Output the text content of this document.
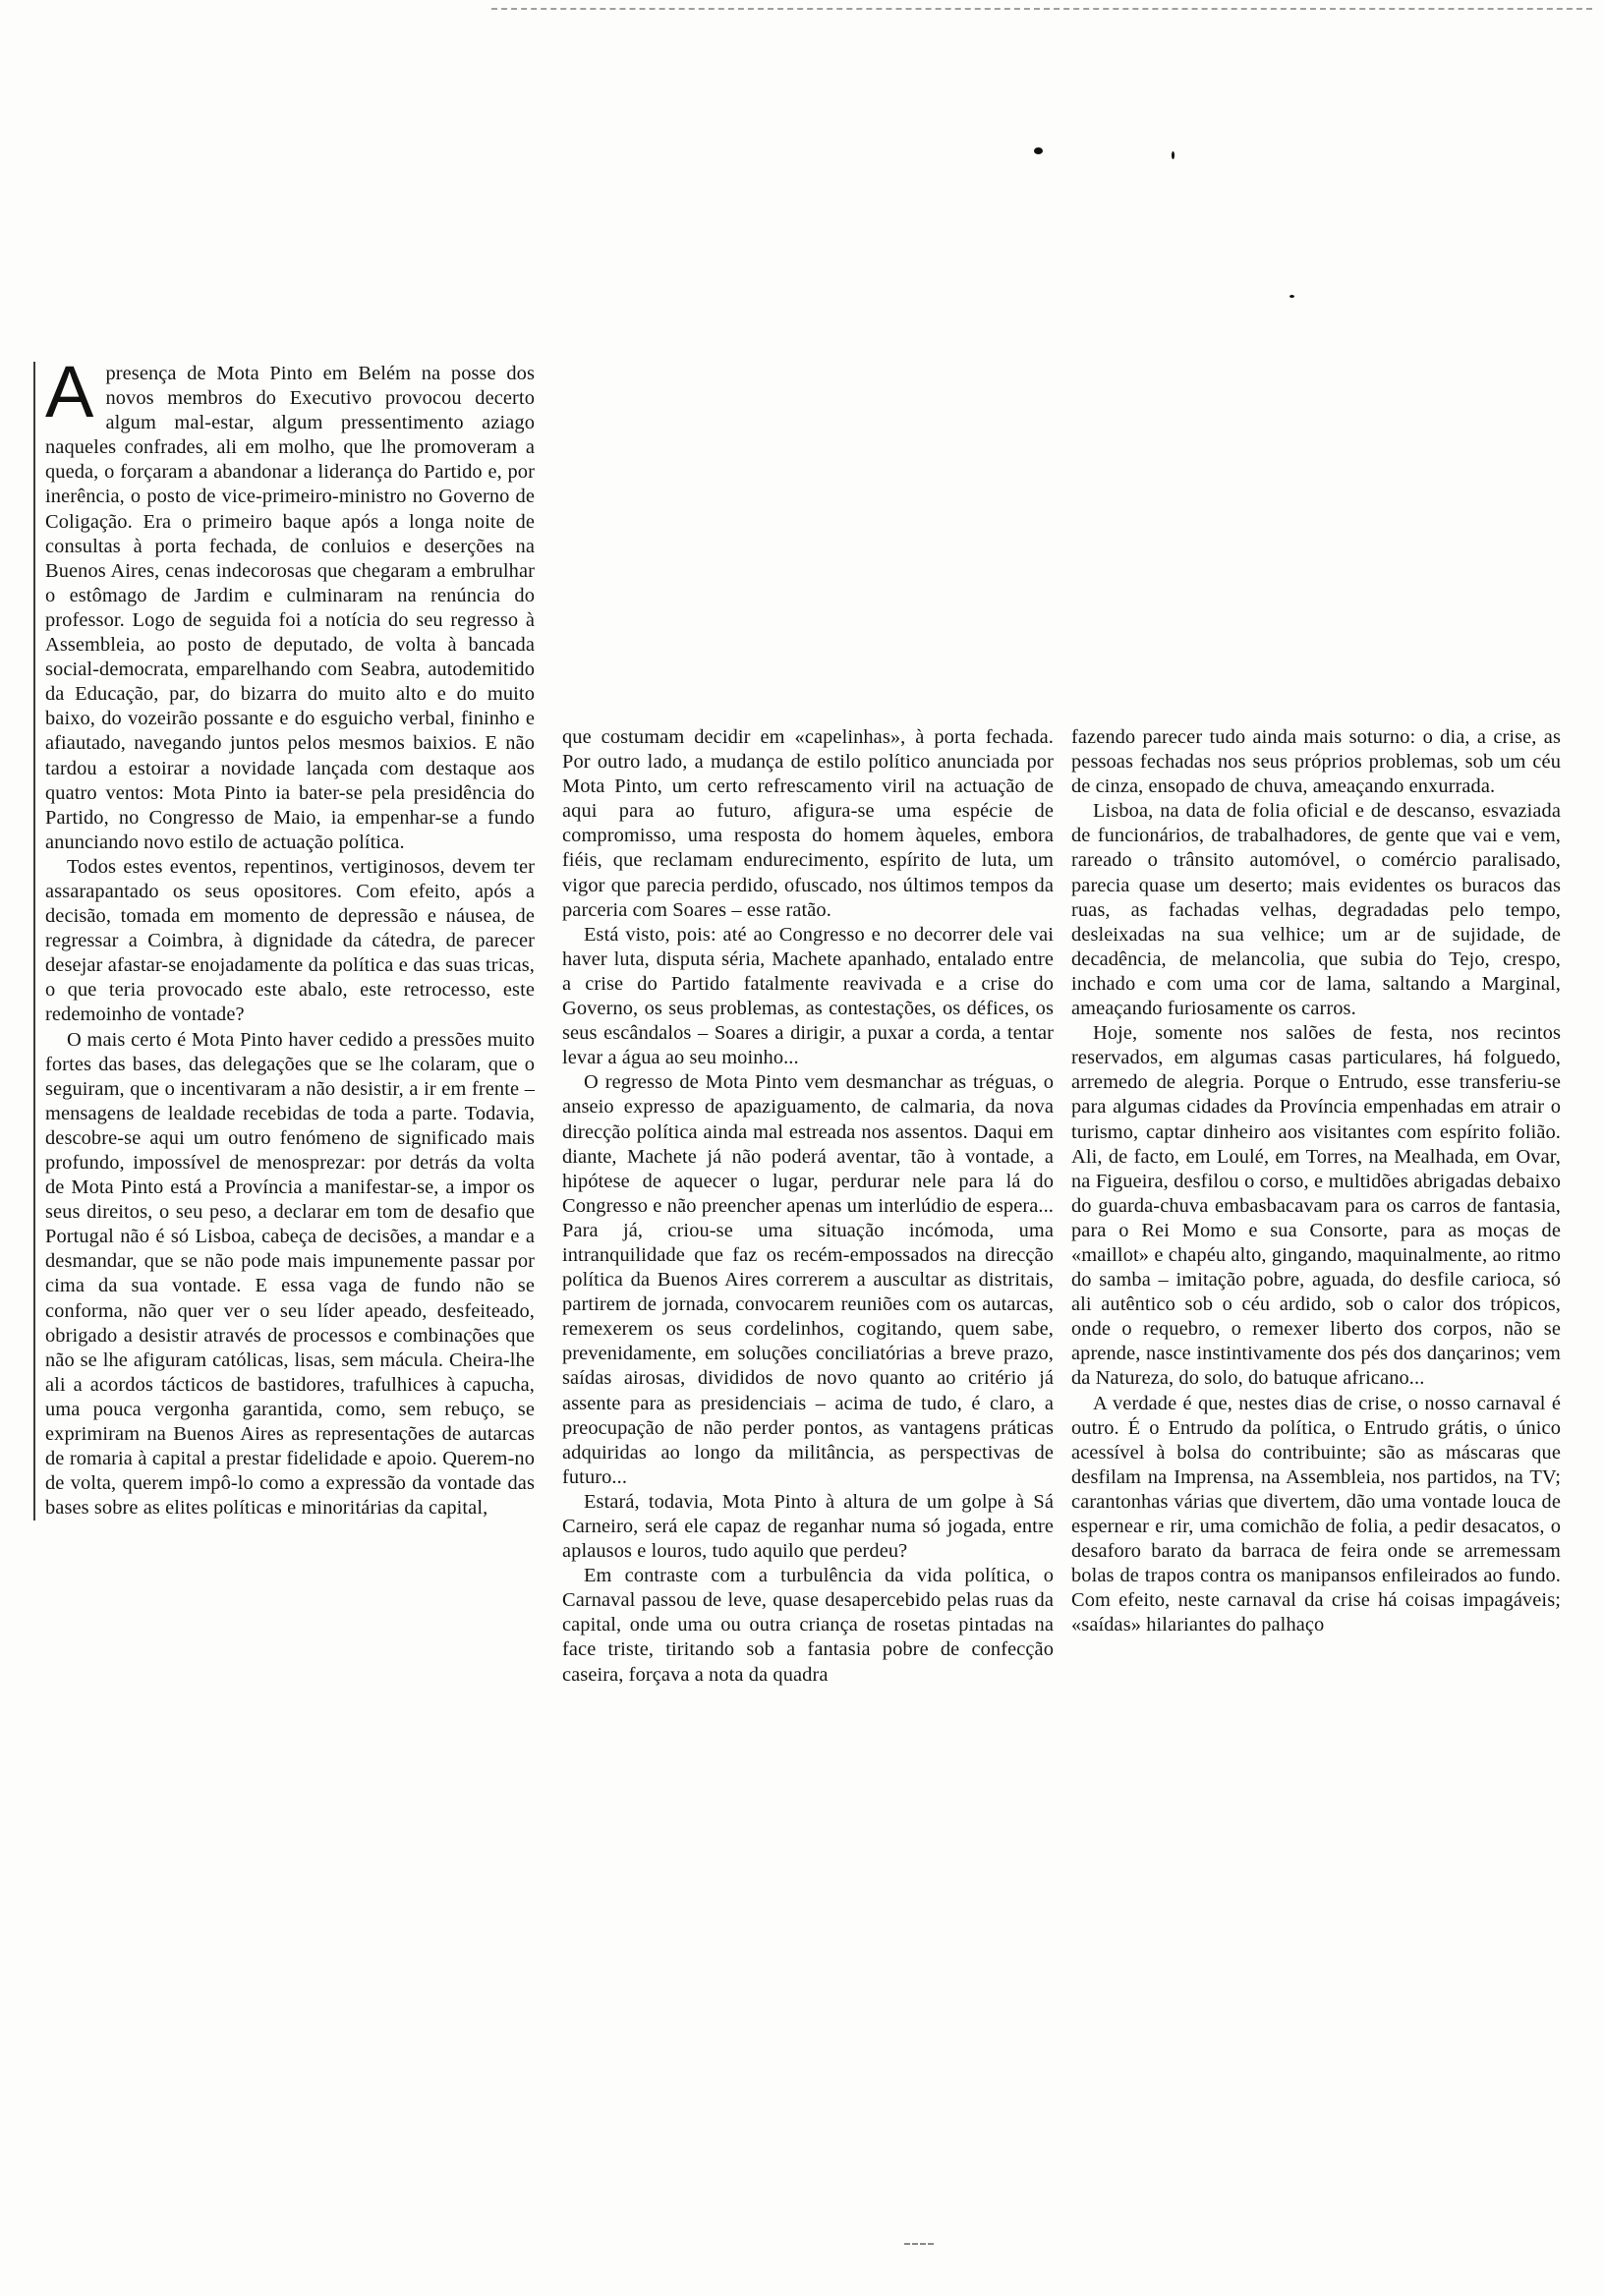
Apresença de Mota Pinto em Belém na posse dos novos membros do Executivo provocou decerto algum mal-estar, algum pressentimento aziago naqueles confrades, ali em molho, que lhe promoveram a queda, o forçaram a abandonar a liderança do Partido e, por inerência, o posto de vice-primeiro-ministro no Governo de Coligação. Era o primeiro baque após a longa noite de consultas à porta fechada, de conluios e deserções na Buenos Aires, cenas indecorosas que chegaram a embrulhar o estômago de Jardim e culminaram na renúncia do professor. Logo de seguida foi a notícia do seu regresso à Assembleia, ao posto de deputado, de volta à bancada social-democrata, emparelhando com Seabra, autodemitido da Educação, par, do bizarra do muito alto e do muito baixo, do vozeirão possante e do esguicho verbal, fininho e afiautado, navegando juntos pelos mesmos baixios. E não tardou a estoirar a novidade lançada com destaque aos quatro ventos: Mota Pinto ia bater-se pela presidência do Partido, no Congresso de Maio, ia empenhar-se a fundo anunciando novo estilo de actuação política.

Todos estes eventos, repentinos, vertiginosos, devem ter assarapantado os seus opositores. Com efeito, após a decisão, tomada em momento de depressão e náusea, de regressar a Coimbra, à dignidade da cátedra, de parecer desejar afastar-se enojadamente da política e das suas tricas, o que teria provocado este abalo, este retrocesso, este redemoinho de vontade?

O mais certo é Mota Pinto haver cedido a pressões muito fortes das bases, das delegações que se lhe colaram, que o seguiram, que o incentivaram a não desistir, a ir em frente – mensagens de lealdade recebidas de toda a parte. Todavia, descobre-se aqui um outro fenómeno de significado mais profundo, impossível de menosprezar: por detrás da volta de Mota Pinto está a Província a manifestar-se, a impor os seus direitos, o seu peso, a declarar em tom de desafio que Portugal não é só Lisboa, cabeça de decisões, a mandar e a desmandar, que se não pode mais impunemente passar por cima da sua vontade. E essa vaga de fundo não se conforma, não quer ver o seu líder apeado, desfeiteado, obrigado a desistir através de processos e combinações que não se lhe afiguram católicas, lisas, sem mácula. Cheira-lhe ali a acordos tácticos de bastidores, trafulhices à capucha, uma pouca vergonha garantida, como, sem rebuço, se exprimiram na Buenos Aires as representações de autarcas de romaria à capital a prestar fidelidade e apoio. Querem-no de volta, querem impô-lo como a expressão da vontade das bases sobre as elites políticas e minoritárias da capital,

que costumam decidir em «capelinhas», à porta fechada. Por outro lado, a mudança de estilo político anunciada por Mota Pinto, um certo refrescamento viril na actuação de aqui para ao futuro, afigura-se uma espécie de compromisso, uma resposta do homem àqueles, embora fiéis, que reclamam endurecimento, espírito de luta, um vigor que parecia perdido, ofuscado, nos últimos tempos da parceria com Soares – esse ratão.

Está visto, pois: até ao Congresso e no decorrer dele vai haver luta, disputa séria, Machete apanhado, entalado entre a crise do Partido fatalmente reavivada e a crise do Governo, os seus problemas, as contestações, os défices, os seus escândalos – Soares a dirigir, a puxar a corda, a tentar levar a água ao seu moinho...

O regresso de Mota Pinto vem desmanchar as tréguas, o anseio expresso de apaziguamento, de calmaria, da nova direcção política ainda mal estreada nos assentos. Daqui em diante, Machete já não poderá aventar, tão à vontade, a hipótese de aquecer o lugar, perdurar nele para lá do Congresso e não preencher apenas um interlúdio de espera... Para já, criou-se uma situação incómoda, uma intranquilidade que faz os recém-empossados na direcção política da Buenos Aires correrem a auscultar as distritais, partirem de jornada, convocarem reuniões com os autarcas, remexerem os seus cordelinhos, cogitando, quem sabe, prevenidamente, em soluções conciliatórias a breve prazo, saídas airosas, divididos de novo quanto ao critério já assente para as presidenciais – acima de tudo, é claro, a preocupação de não perder pontos, as vantagens práticas adquiridas ao longo da militância, as perspectivas de futuro...

Estará, todavia, Mota Pinto à altura de um golpe à Sá Carneiro, será ele capaz de reganhar numa só jogada, entre aplausos e louros, tudo aquilo que perdeu?

Em contraste com a turbulência da vida política, o Carnaval passou de leve, quase desapercebido pelas ruas da capital, onde uma ou outra criança de rosetas pintadas na face triste, tiritando sob a fantasia pobre de confecção caseira, forçava a nota da quadra

fazendo parecer tudo ainda mais soturno: o dia, a crise, as pessoas fechadas nos seus próprios problemas, sob um céu de cinza, ensopado de chuva, ameaçando enxurrada.

Lisboa, na data de folia oficial e de descanso, esvaziada de funcionários, de trabalhadores, de gente que vai e vem, rareado o trânsito automóvel, o comércio paralisado, parecia quase um deserto; mais evidentes os buracos das ruas, as fachadas velhas, degradadas pelo tempo, desleixadas na sua velhice; um ar de sujidade, de decadência, de melancolia, que subia do Tejo, crespo, inchado e com uma cor de lama, saltando a Marginal, ameaçando furiosamente os carros.

Hoje, somente nos salões de festa, nos recintos reservados, em algumas casas particulares, há folguedo, arremedo de alegria. Porque o Entrudo, esse transferiu-se para algumas cidades da Província empenhadas em atrair o turismo, captar dinheiro aos visitantes com espírito folião. Ali, de facto, em Loulé, em Torres, na Mealhada, em Ovar, na Figueira, desfilou o corso, e multidões abrigadas debaixo do guarda-chuva embasbacavam para os carros de fantasia, para o Rei Momo e sua Consorte, para as moças de «maillot» e chapéu alto, gingando, maquinalmente, ao ritmo do samba – imitação pobre, aguada, do desfile carioca, só ali autêntico sob o céu ardido, sob o calor dos trópicos, onde o requebro, o remexer liberto dos corpos, não se aprende, nasce instintivamente dos pés dos dançarinos; vem da Natureza, do solo, do batuque africano...

A verdade é que, nestes dias de crise, o nosso carnaval é outro. É o Entrudo da política, o Entrudo grátis, o único acessível à bolsa do contribuinte; são as máscaras que desfilam na Imprensa, na Assembleia, nos partidos, na TV; carantonhas várias que divertem, dão uma vontade louca de espernear e rir, uma comichão de folia, a pedir desacatos, o desaforo barato da barraca de feira onde se arremessam bolas de trapos contra os manipansos enfileirados ao fundo. Com efeito, neste carnaval da crise há coisas impagáveis; «saídas» hilariantes do palhaço
